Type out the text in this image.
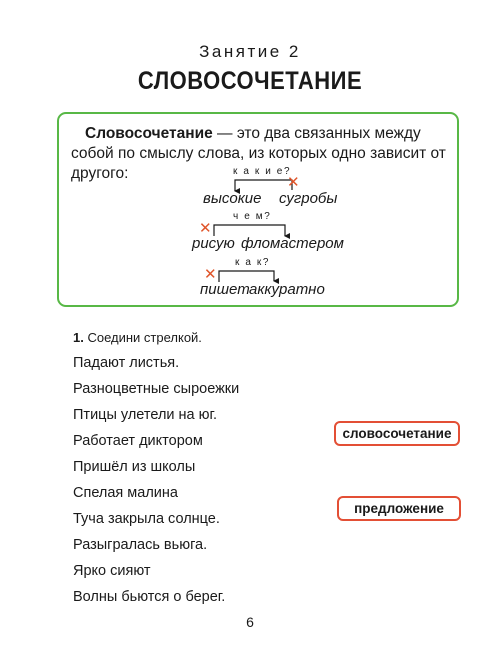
Занятие 2
СЛОВОСОЧЕТАНИЕ

Словосочетание — это два связанных между собой по смыслу слова, из которых одно зависит от другого:	к а к и е?
✕
высокие сугробы
ч е м?
✕
рисую фломастером
к а к?
✕
пишет аккуратно
1. Соедини стрелкой.
Падают листья.
Разноцветные сыроежки
Птицы улетели на юг.
Работает диктором
Пришёл из школы
Спелая малина
Туча закрыла солнце.
Разыгралась вьюга.
Ярко сияют
Волны бьются о берег.
словосочетание
предложение
6
